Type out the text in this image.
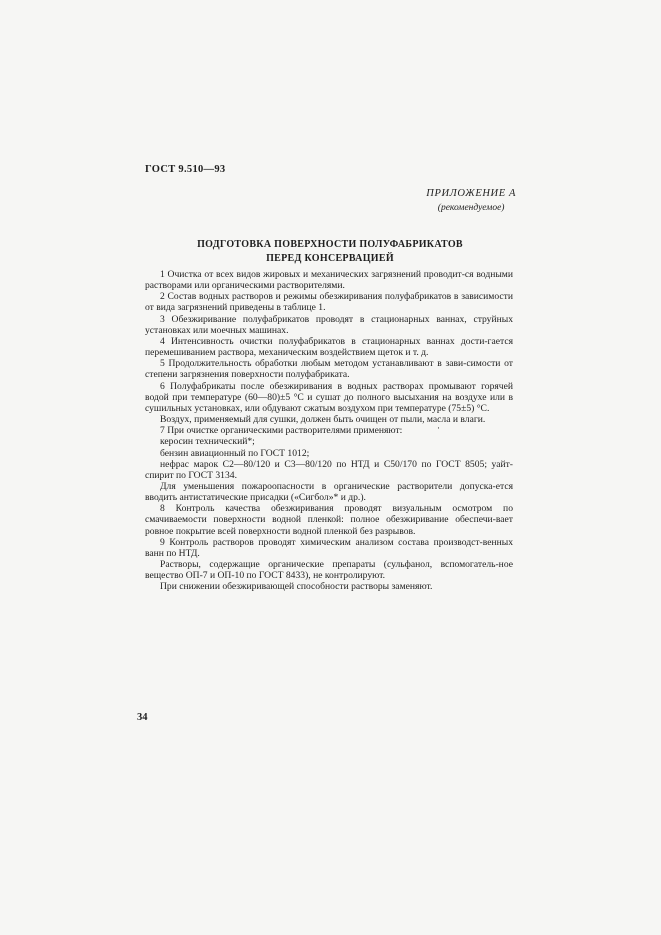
ГОСТ 9.510—93
ПРИЛОЖЕНИЕ А
(рекомендуемое)
ПОДГОТОВКА ПОВЕРХНОСТИ ПОЛУФАБРИКАТОВ
ПЕРЕД КОНСЕРВАЦИЕЙ

1 Очистка от всех видов жировых и механических загрязнений проводит-ся водными растворами или органическими растворителями.

2 Состав водных растворов и режимы обезжиривания полуфабрикатов в зависимости от вида загрязнений приведены в таблице 1.

3 Обезжиривание полуфабрикатов проводят в стационарных ваннах, струйных установках или моечных машинах.

4 Интенсивность очистки полуфабрикатов в стационарных ваннах дости-гается перемешиванием раствора, механическим воздействием щеток и т. д.

5 Продолжительность обработки любым методом устанавливают в зави-симости от степени загрязнения поверхности полуфабриката.

6 Полуфабрикаты после обезжиривания в водных растворах промывают горячей водой при температуре (60—80)±5 °С и сушат до полного высыхания на воздухе или в сушильных установках, или обдувают сжатым воздухом при температуре (75±5) °С.

Воздух, применяемый для сушки, должен быть очищен от пыли, масла и влаги.

7 При очистке органическими растворителями применяют:

керосин технический*;

бензин авиационный по ГОСТ 1012;

нефрас марок С2—80/120 и С3—80/120 по НТД и С50/170 по ГОСТ 8505; уайт-спирит по ГОСТ 3134.

Для уменьшения пожароопасности в органические растворители допуска-ется вводить антистатические присадки («Сигбол»* и др.).

8 Контроль качества обезжиривания проводят визуальным осмотром по смачиваемости поверхности водной пленкой: полное обезжиривание обеспечи-вает ровное покрытие всей поверхности водной пленкой без разрывов.

9 Контроль растворов проводят химическим анализом состава производст-венных ванн по НТД.

Растворы, содержащие органические препараты (сульфанол, вспомогатель-ное вещество ОП-7 и ОП-10 по ГОСТ 8433), не контролируют.

При снижении обезжиривающей способности растворы заменяют.

·
34
